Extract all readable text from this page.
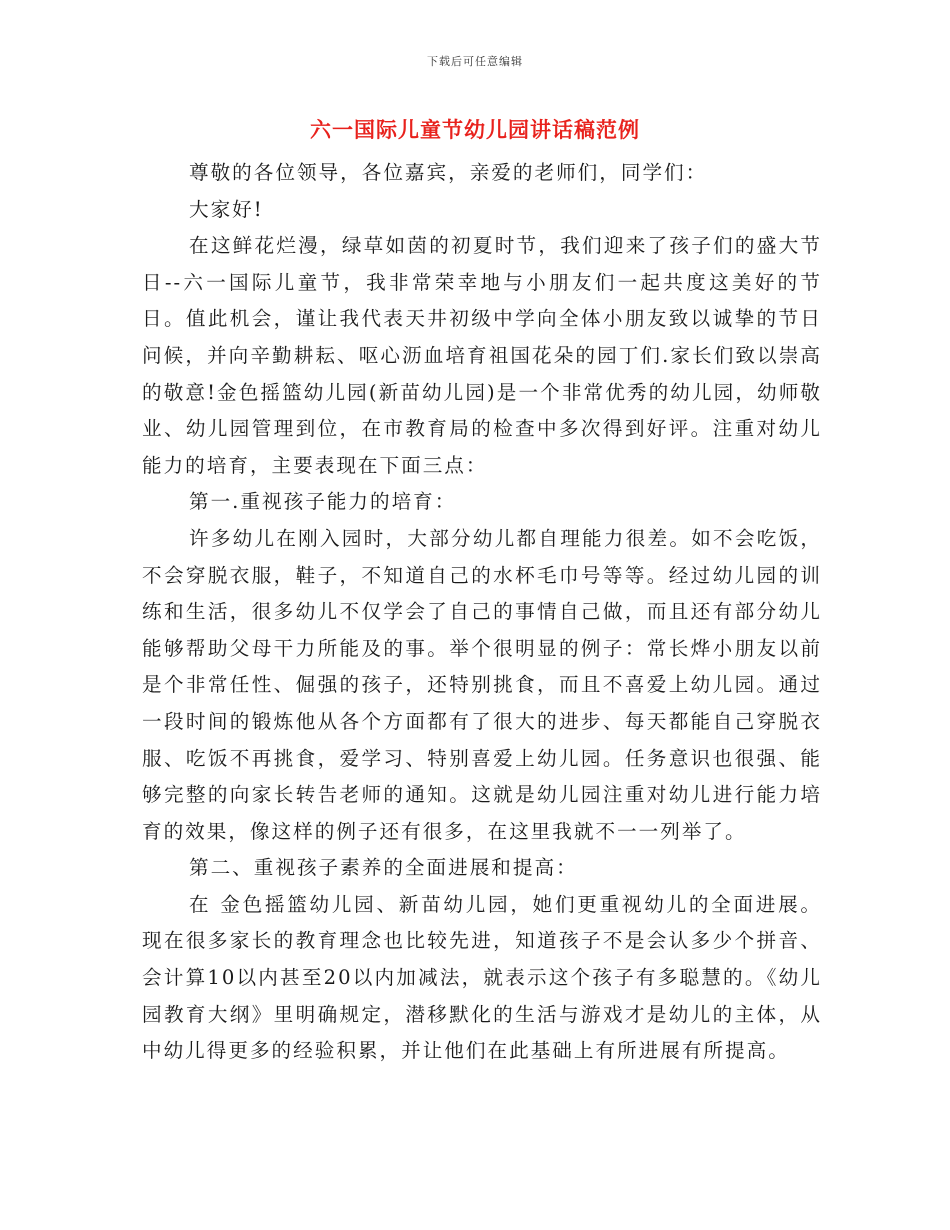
下载后可任意编辑
六一国际儿童节幼儿园讲话稿范例

尊敬的各位领导，各位嘉宾，亲爱的老师们，同学们：

大家好!

在这鲜花烂漫，绿草如茵的初夏时节，我们迎来了孩子们的盛大节日--六一国际儿童节，我非常荣幸地与小朋友们一起共度这美好的节日。值此机会，谨让我代表天井初级中学向全体小朋友致以诚挚的节日问候，并向辛勤耕耘、呕心沥血培育祖国花朵的园丁们.家长们致以崇高的敬意!金色摇篮幼儿园(新苗幼儿园)是一个非常优秀的幼儿园，幼师敬业、幼儿园管理到位，在市教育局的检查中多次得到好评。注重对幼儿能力的培育，主要表现在下面三点：

第一.重视孩子能力的培育：

许多幼儿在刚入园时，大部分幼儿都自理能力很差。如不会吃饭，不会穿脱衣服，鞋子，不知道自己的水杯毛巾号等等。经过幼儿园的训练和生活，很多幼儿不仅学会了自己的事情自己做，而且还有部分幼儿能够帮助父母干力所能及的事。举个很明显的例子：常长烨小朋友以前是个非常任性、倔强的孩子，还特别挑食，而且不喜爱上幼儿园。通过一段时间的锻炼他从各个方面都有了很大的进步、每天都能自己穿脱衣服、吃饭不再挑食，爱学习、特别喜爱上幼儿园。任务意识也很强、能够完整的向家长转告老师的通知。这就是幼儿园注重对幼儿进行能力培育的效果，像这样的例子还有很多，在这里我就不一一列举了。

第二、重视孩子素养的全面进展和提高：

在 金色摇篮幼儿园、新苗幼儿园，她们更重视幼儿的全面进展。现在很多家长的教育理念也比较先进，知道孩子不是会认多少个拼音、会计算10以内甚至20以内加减法，就表示这个孩子有多聪慧的。《幼儿园教育大纲》里明确规定，潜移默化的生活与游戏才是幼儿的主体，从中幼儿得更多的经验积累，并让他们在此基础上有所进展有所提高。
